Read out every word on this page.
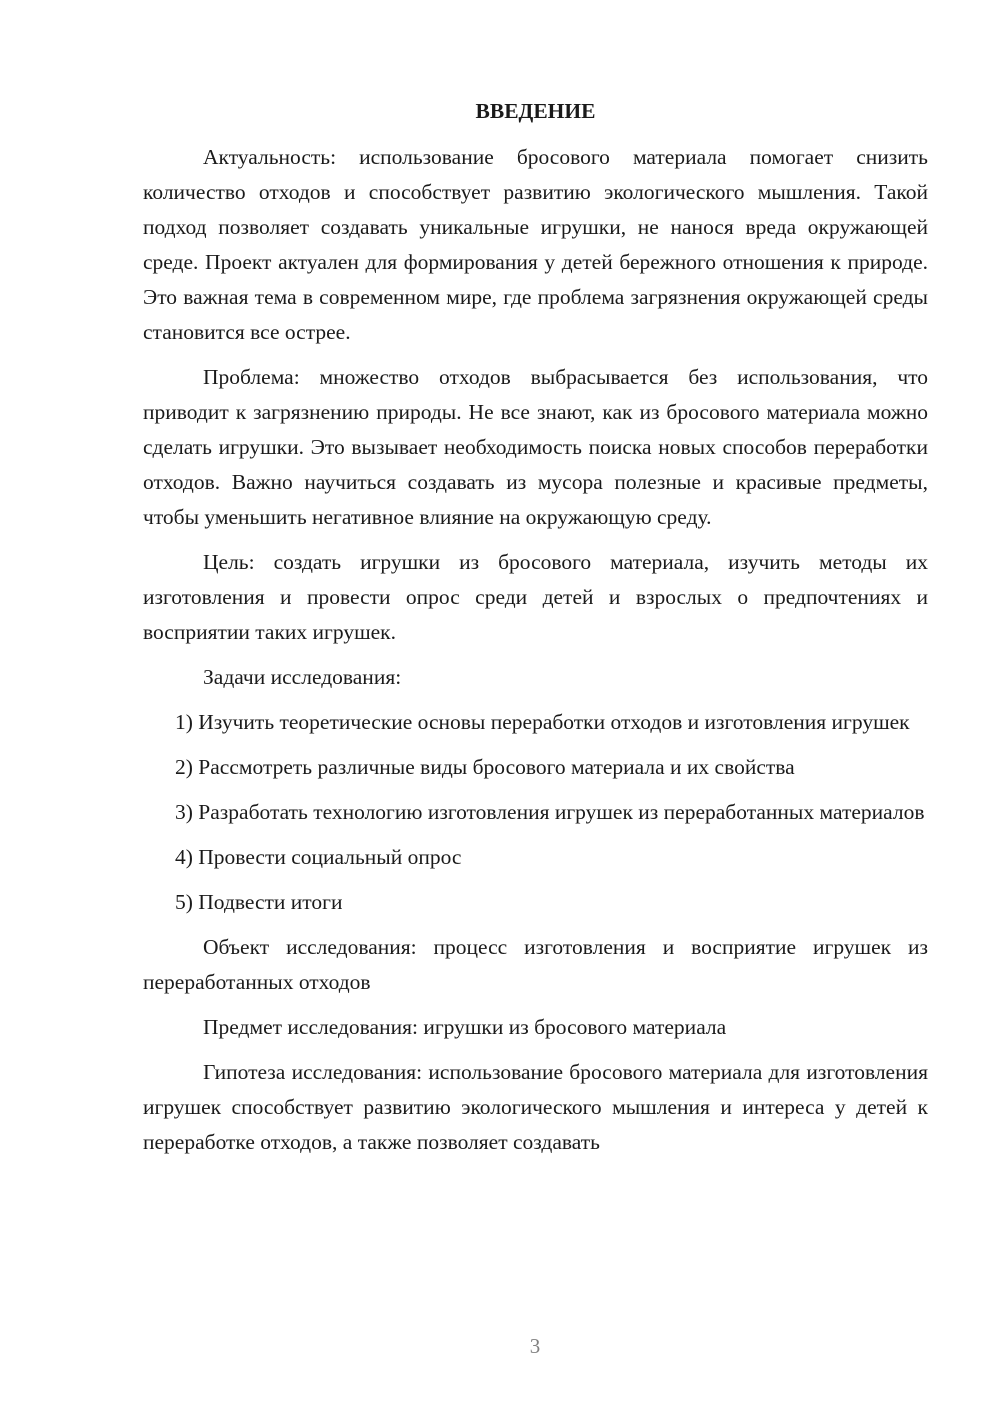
ВВЕДЕНИЕ

Актуальность: использование бросового материала помогает снизить количество отходов и способствует развитию экологического мышления. Такой подход позволяет создавать уникальные игрушки, не нанося вреда окружающей среде. Проект актуален для формирования у детей бережного отношения к природе. Это важная тема в современном мире, где проблема загрязнения окружающей среды становится все острее.

Проблема: множество отходов выбрасывается без использования, что приводит к загрязнению природы. Не все знают, как из бросового материала можно сделать игрушки. Это вызывает необходимость поиска новых способов переработки отходов. Важно научиться создавать из мусора полезные и красивые предметы, чтобы уменьшить негативное влияние на окружающую среду.

Цель: создать игрушки из бросового материала, изучить методы их изготовления и провести опрос среди детей и взрослых о предпочтениях и восприятии таких игрушек.

Задачи исследования:

1) Изучить теоретические основы переработки отходов и изготовления игрушек

2) Рассмотреть различные виды бросового материала и их свойства

3) Разработать технологию изготовления игрушек из переработанных материалов

4) Провести социальный опрос

5) Подвести итоги

Объект исследования: процесс изготовления и восприятие игрушек из переработанных отходов

Предмет исследования: игрушки из бросового материала

Гипотеза исследования: использование бросового материала для изготовления игрушек способствует развитию экологического мышления и интереса у детей к переработке отходов, а также позволяет создавать

3
